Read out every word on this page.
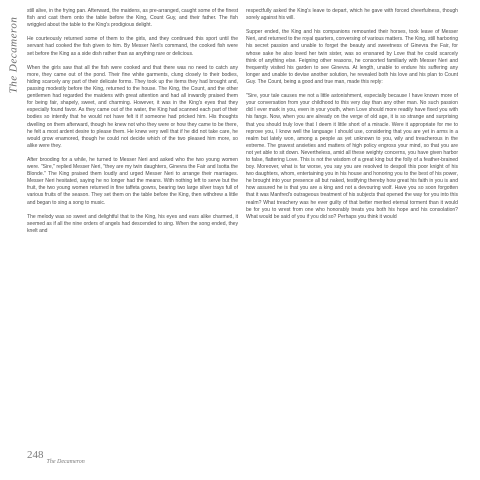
The Decameron

still alive, in the frying pan. Afterward, the maidens, as pre-arranged, caught some of the finest fish and cast them onto the table before the King, Count Guy, and their father. The fish wriggled about the table to the King's prodigious delight.

He courteously returned some of them to the girls, and they continued this sport until the servant had cooked the fish given to him. By Messer Neri's command, the cooked fish were set before the King as a side dish rather than as anything rare or delicious.

When the girls saw that all the fish were cooked and that there was no need to catch any more, they came out of the pond. Their fine white garments, clung closely to their bodies, hiding scarcely any part of their delicate forms. They took up the items they had brought and, passing modestly before the King, returned to the house. The King, the Count, and the other gentlemen had regarded the maidens with great attention and had all inwardly praised them for being fair, shapely, sweet, and charming. However, it was in the King's eyes that they especially found favor. As they came out of the water, the King had scanned each part of their bodies so intently that he would not have felt it if someone had pricked him. His thoughts dwelling on them afterward, though he knew not who they were or how they came to be there, he felt a most ardent desire to please them. He knew very well that if he did not take care, he would grow enamored, though he could not decide which of the two pleased him more, so alike were they.

After brooding for a while, he turned to Messer Neri and asked who the two young women were. "Sire," replied Messer Neri, "they are my twin daughters, Ginevra the Fair and Isotta the Blonde." The King praised them loudly and urged Messer Neri to arrange their marriages. Messer Neri hesitated, saying he no longer had the means. With nothing left to serve but the fruit, the two young women returned in fine taffeta gowns, bearing two large silver trays full of various fruits of the season. They set them on the table before the King, then withdrew a little and began to sing a song to music.

The melody was so sweet and delightful that to the King, his eyes and ears alike charmed, it seemed as if all the nine orders of angels had descended to sing. When the song ended, they knelt and

respectfully asked the King's leave to depart, which he gave with forced cheerfulness, though sorely against his will.

Supper ended, the King and his companions remounted their horses, took leave of Messer Neri, and returned to the royal quarters, conversing of various matters. The King, still harboring his secret passion and unable to forget the beauty and sweetness of Ginevra the Fair, for whose sake he also loved her twin sister, was so ensnared by Love that he could scarcely think of anything else. Feigning other reasons, he consorted familiarly with Messer Neri and frequently visited his garden to see Ginevra. At length, unable to endure his suffering any longer and unable to devise another solution, he revealed both his love and his plan to Count Guy. The Count, being a good and true man, made this reply:

"Sire, your tale causes me not a little astonishment, especially because I have known more of your conversation from your childhood to this very day than any other man. No such passion did I ever mark in you, even in your youth, when Love should more readily have fixed you with his fangs. Now, when you are already on the verge of old age, it is so strange and surprising that you should truly love that I deem it little short of a miracle. Were it appropriate for me to reprove you, I know well the language I should use, considering that you are yet in arms in a realm but lately won, among a people as yet unknown to you, wily and treacherous in the extreme. The gravest anxieties and matters of high policy engross your mind, so that you are not yet able to sit down. Nevertheless, amid all these weighty concerns, you have given harbor to false, flattering Love. This is not the wisdom of a great king but the folly of a feather-brained boy. Moreover, what is far worse, you say you are resolved to despoil this poor knight of his two daughters, whom, entertaining you in his house and honoring you to the best of his power, he brought into your presence all but naked, testifying thereby how great his faith in you is and how assured he is that you are a king and not a devouring wolf. Have you so soon forgotten that it was Manfred's outrageous treatment of his subjects that opened the way for you into this realm? What treachery was he ever guilty of that better merited eternal torment than it would be for you to wrest from one who honorably treats you both his hope and his consolation? What would be said of you if you did so? Perhaps you think it would

248
The Decameron
